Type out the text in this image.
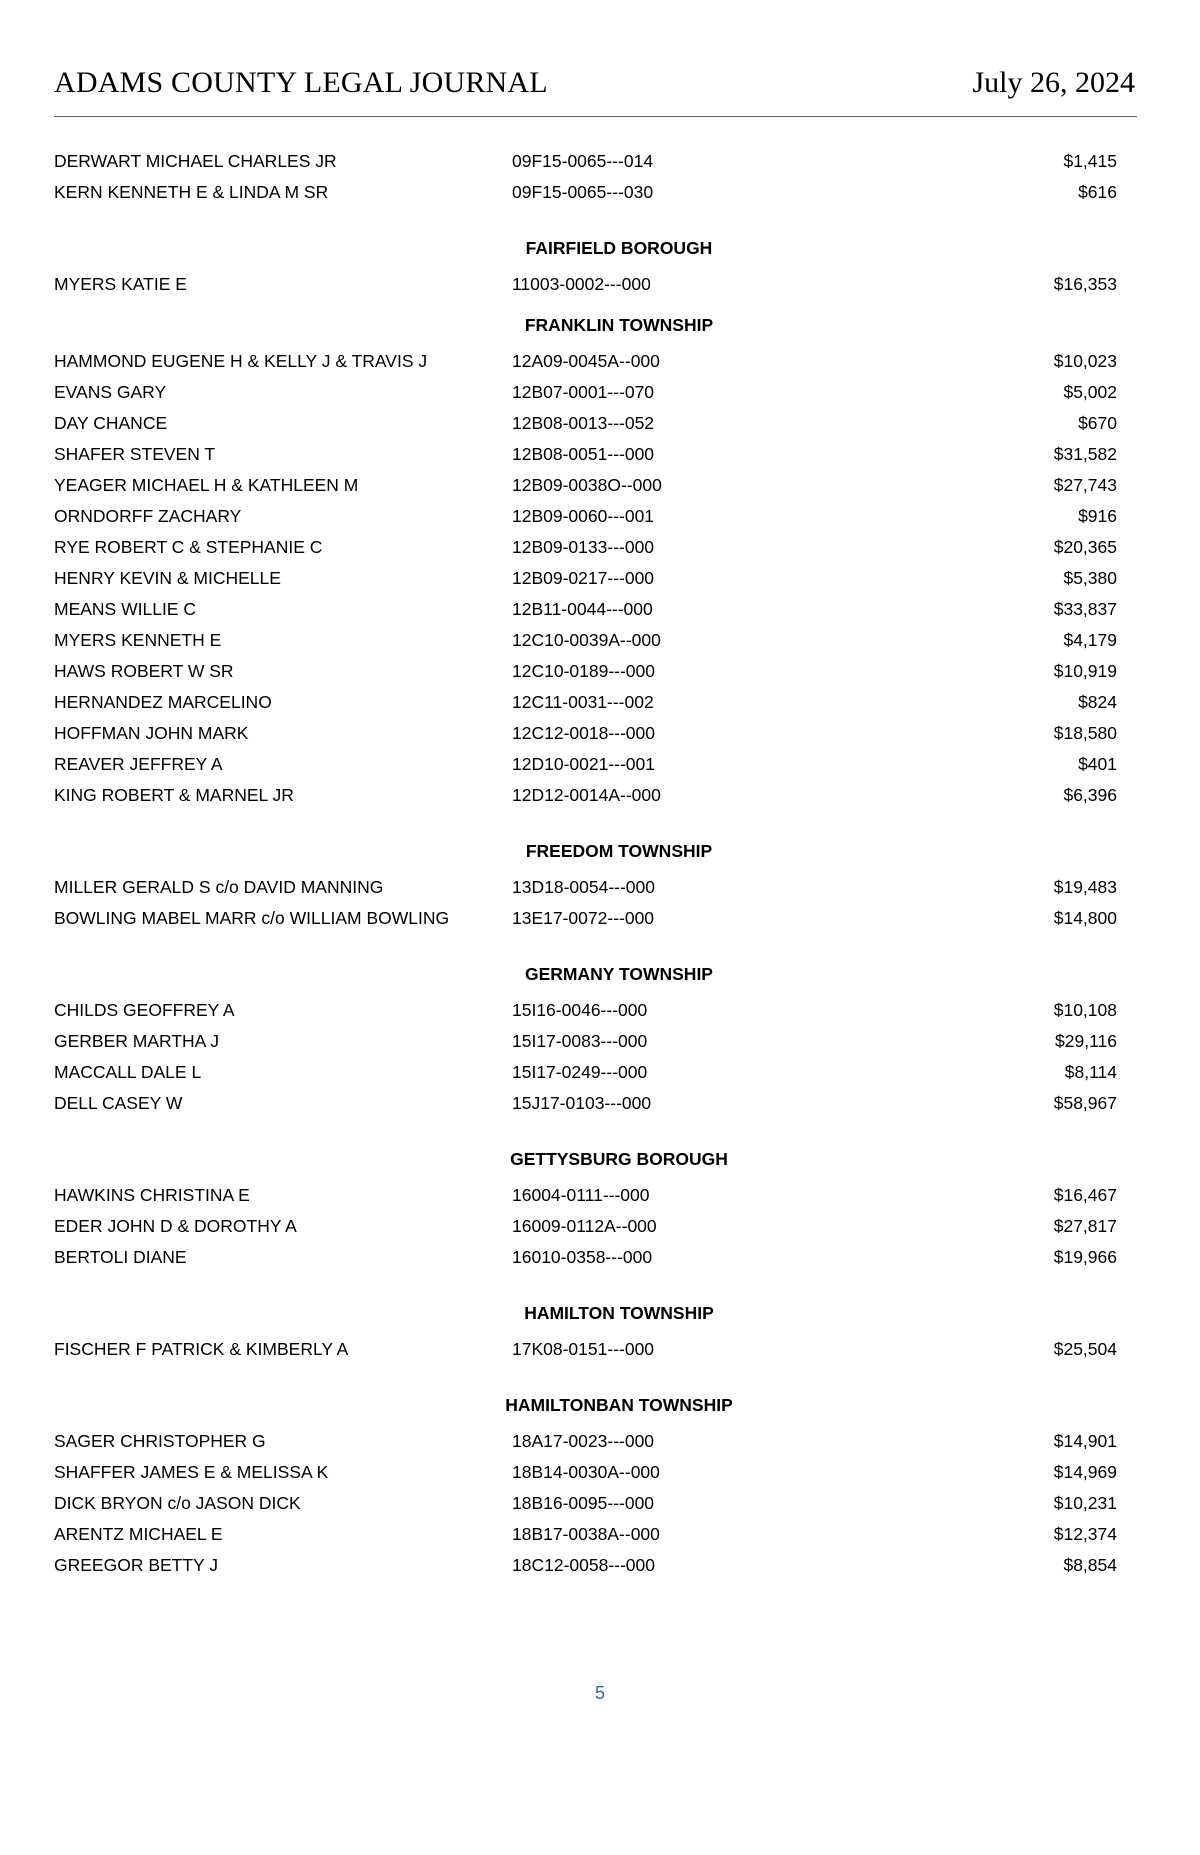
ADAMS COUNTY LEGAL JOURNAL	July 26, 2024
DERWART MICHAEL CHARLES JR	09F15-0065---014	$1,415
KERN KENNETH E & LINDA M SR	09F15-0065---030	$616
FAIRFIELD BOROUGH
MYERS KATIE E	11003-0002---000	$16,353
FRANKLIN TOWNSHIP
HAMMOND EUGENE H & KELLY J & TRAVIS J	12A09-0045A--000	$10,023
EVANS GARY	12B07-0001---070	$5,002
DAY CHANCE	12B08-0013---052	$670
SHAFER STEVEN T	12B08-0051---000	$31,582
YEAGER MICHAEL H & KATHLEEN M	12B09-0038O--000	$27,743
ORNDORFF ZACHARY	12B09-0060---001	$916
RYE ROBERT C & STEPHANIE C	12B09-0133---000	$20,365
HENRY KEVIN & MICHELLE	12B09-0217---000	$5,380
MEANS WILLIE C	12B11-0044---000	$33,837
MYERS KENNETH E	12C10-0039A--000	$4,179
HAWS ROBERT W SR	12C10-0189---000	$10,919
HERNANDEZ MARCELINO	12C11-0031---002	$824
HOFFMAN JOHN MARK	12C12-0018---000	$18,580
REAVER JEFFREY A	12D10-0021---001	$401
KING ROBERT & MARNEL JR	12D12-0014A--000	$6,396
FREEDOM TOWNSHIP
MILLER GERALD S c/o DAVID MANNING	13D18-0054---000	$19,483
BOWLING MABEL MARR c/o WILLIAM BOWLING	13E17-0072---000	$14,800
GERMANY TOWNSHIP
CHILDS GEOFFREY A	15I16-0046---000	$10,108
GERBER MARTHA J	15I17-0083---000	$29,116
MACCALL DALE L	15I17-0249---000	$8,114
DELL CASEY W	15J17-0103---000	$58,967
GETTYSBURG BOROUGH
HAWKINS CHRISTINA E	16004-0111---000	$16,467
EDER JOHN D & DOROTHY A	16009-0112A--000	$27,817
BERTOLI DIANE	16010-0358---000	$19,966
HAMILTON TOWNSHIP
FISCHER F PATRICK & KIMBERLY A	17K08-0151---000	$25,504
HAMILTONBAN TOWNSHIP
SAGER CHRISTOPHER G	18A17-0023---000	$14,901
SHAFFER JAMES E & MELISSA K	18B14-0030A--000	$14,969
DICK BRYON c/o JASON DICK	18B16-0095---000	$10,231
ARENTZ MICHAEL E	18B17-0038A--000	$12,374
GREEGOR BETTY J	18C12-0058---000	$8,854
5
